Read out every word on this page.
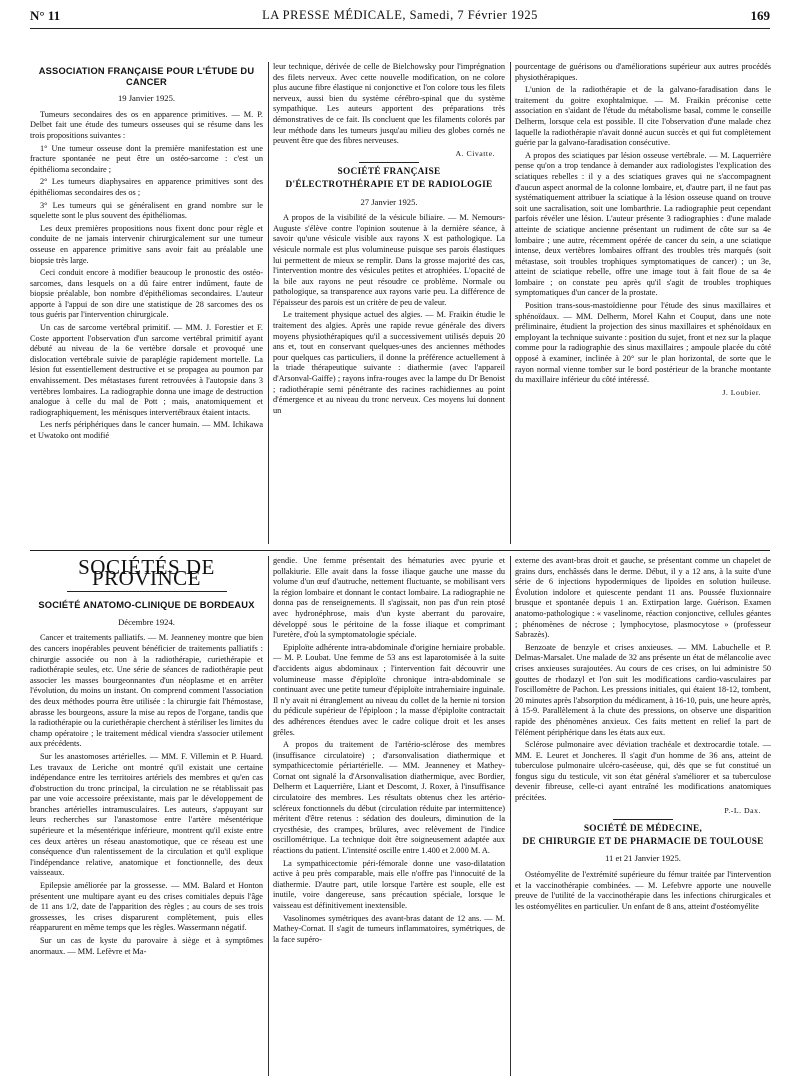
N° 11	LA PRESSE MÉDICALE, Samedi, 7 Février 1925	169
ASSOCIATION FRANÇAISE POUR L'ÉTUDE DU CANCER
19 Janvier 1925.

Tumeurs secondaires des os en apparence primitives. — M. P. Delbet fait une étude des tumeurs osseuses qui se résume dans les trois propositions suivantes :

1° Une tumeur osseuse dont la première manifestation est une fracture spontanée ne peut être un ostéo-sarcome : c'est un épithélioma secondaire ;

2° Les tumeurs diaphysaires en apparence primitives sont des épithéliomas secondaires des os ;

3° Les tumeurs qui se généralisent en grand nombre sur le squelette sont le plus souvent des épithéliomas.

Les deux premières propositions nous fixent donc pour règle et conduite de ne jamais intervenir chirurgicalement sur une tumeur osseuse en apparence primitive sans avoir fait au préalable une biopsie très large.

Ceci conduit encore à modifier beaucoup le pronostic des ostéo-sarcomes, dans lesquels on a dû faire entrer indûment, faute de biopsie préalable, bon nombre d'épithéliomas secondaires. L'auteur apporte à l'appui de son dire une statistique de 28 sarcomes des os tous guéris par l'intervention chirurgicale.

Un cas de sarcome vertébral primitif. — MM. J. Forestier et F. Coste apportent l'observation d'un sarcome vertébral primitif ayant débuté au niveau de la 6e vertèbre dorsale et provoqué une dislocation vertébrale suivie de paraplégie rapidement mortelle. La lésion fut essentiellement destructive et se propagea au poumon par envahissement. Des métastases furent retrouvées à l'autopsie dans 3 vertèbres lombaires. La radiographie donna une image de destruction analogue à celle du mal de Pott ; mais, anatomiquement et radiographiquement, les ménisques intervertébraux étaient intacts.

Les nerfs périphériques dans le cancer humain. — MM. Ichikawa et Uwatoko ont modifié

leur technique, dérivée de celle de Bielchowsky pour l'imprégnation des filets nerveux. Avec cette nouvelle modification, on ne colore plus aucune fibre élastique ni conjonctive et l'on colore tous les filets nerveux, aussi bien du système cérébro-spinal que du système sympathique. Les auteurs apportent des préparations très démonstratives de ce fait. Ils concluent que les filaments colorés par leur méthode dans les tumeurs jusqu'au milieu des globes cornés ne peuvent être que des fibres nerveuses.

A. Civatte.
SOCIÉTÉ FRANÇAISE
D'ÉLECTROTHÉRAPIE ET DE RADIOLOGIE
27 Janvier 1925.

A propos de la visibilité de la vésicule biliaire. — M. Nemours-Auguste s'élève contre l'opinion soutenue à la dernière séance, à savoir qu'une vésicule visible aux rayons X est pathologique. La vésicule normale est plus volumineuse puisque ses parois élastiques lui permettent de mieux se remplir. Dans la grosse majorité des cas, l'intervention montre des vésicules petites et atrophiées. L'opacité de la bile aux rayons ne peut résoudre ce problème. Normale ou pathologique, sa transparence aux rayons varie peu. La différence de l'épaisseur des parois est un critère de peu de valeur.

Le traitement physique actuel des algies. — M. Fraikin étudie le traitement des algies. Après une rapide revue générale des divers moyens physiothérapiques qu'il a successivement utilisés depuis 20 ans et, tout en conservant quelques-unes des anciennes méthodes pour quelques cas particuliers, il donne la préférence actuellement à la triade thérapeutique suivante : diathermie (avec l'appareil d'Arsonval-Gaiffe) ; rayons infra-rouges avec la lampe du Dr Benoist ; radiothérapie semi pénétrante des racines rachidiennes au point d'émergence et au niveau du tronc nerveux. Ces moyens lui donnent un

pourcentage de guérisons ou d'améliorations supérieur aux autres procédés physiothérapiques.

L'union de la radiothérapie et de la galvano-faradisation dans le traitement du goitre exophtalmique. — M. Fraikin préconise cette association en s'aidant de l'étude du métabolisme basal, comme le conseille Delherm, lorsque cela est possible. Il cite l'observation d'une malade chez laquelle la radiothérapie n'avait donné aucun succès et qui fut complètement guérie par la galvano-faradisation consécutive.

A propos des sciatiques par lésion osseuse vertébrale. — M. Laquerrière pense qu'on a trop tendance à demander aux radiologistes l'explication des sciatiques rebelles : il y a des sciatiques graves qui ne s'accompagnent d'aucun aspect anormal de la colonne lombaire, et, d'autre part, il ne faut pas systématiquement attribuer la sciatique à la lésion osseuse quand on trouve soit une sacralisation, soit une lombarthrie. La radiographie peut cependant parfois révéler une lésion. L'auteur présente 3 radiographies : d'une malade atteinte de sciatique ancienne présentant un rudiment de côte sur sa 4e lombaire ; une autre, récemment opérée de cancer du sein, a une sciatique intense, deux vertèbres lombaires offrant des troubles très marqués (soit métastase, soit troubles trophiques symptomatiques de cancer) ; un 3e, atteint de sciatique rebelle, offre une image tout à fait floue de sa 4e lombaire ; on constate peu après qu'il s'agit de troubles trophiques symptomatiques d'un cancer de la prostate.

Position trans-sous-mastoïdienne pour l'étude des sinus maxillaires et sphénoïdaux. — MM. Delherm, Morel Kahn et Couput, dans une note préliminaire, étudient la projection des sinus maxillaires et sphénoïdaux en employant la technique suivante : position du sujet, front et nez sur la plaque comme pour la radiographie des sinus maxillaires ; ampoule placée du côté opposé à examiner, inclinée à 20° sur le plan horizontal, de sorte que le rayon normal vienne tomber sur le bord postérieur de la branche montante du maxillaire inférieur du côté intéressé.

J. Loubier.
SOCIÉTÉS DE PROVINCE
SOCIÉTÉ ANATOMO-CLINIQUE DE BORDEAUX
Décembre 1924.

Cancer et traitements palliatifs. — M. Jeanneney montre que bien des cancers inopérables peuvent bénéficier de traitements palliatifs : chirurgie associée ou non à la radiothérapie, curiethérapie et radiothérapie seules, etc. Une série de séances de radiothérapie peut associer les masses bourgeonnantes d'un néoplasme et en arrêter l'évolution, du moins un instant. On comprend comment l'association des deux méthodes pourra être utilisée : la chirurgie fait l'hémostase, abrasse les bourgeons, assure la mise au repos de l'organe, tandis que la radiothérapie ou la curiethérapie cherchent à stériliser les limites du champ opératoire ; le traitement médical viendra s'associer utilement aux précédents.

Sur les anastomoses artérielles. — MM. F. Villemin et P. Huard. Les travaux de Leriche ont montré qu'il existait une certaine indépendance entre les territoires artériels des membres et qu'en cas d'obstruction du tronc principal, la circulation ne se rétablissait pas par une voie accessoire préexistante, mais par le développement de branches artérielles intramusculaires. Les auteurs, s'appuyant sur leurs recherches sur l'anastomose entre l'artère mésentérique supérieure et la mésentérique inférieure, montrent qu'il existe entre ces deux artères un réseau anastomotique, que ce réseau est une conséquence d'un ralentissement de la circulation et qu'il explique l'indépendance relative, anatomique et fonctionnelle, des deux vaisseaux.

Epilepsie améliorée par la grossesse. — MM. Balard et Honton présentent une multipare ayant eu des crises comitiales depuis l'âge de 11 ans 1/2, date de l'apparition des règles ; au cours de ses trois grossesses, les crises disparurent complètement, puis elles réapparurent en même temps que les règles. Wassermann négatif.

Sur un cas de kyste du parovaire à siège et à symptômes anormaux. — MM. Lefèvre et Ma-

gendie. Une femme présentait des hématuries avec pyurie et pollakiurie. Elle avait dans la fosse iliaque gauche une masse du volume d'un œuf d'autruche, nettement fluctuante, se mobilisant vers la région lombaire et donnant le contact lombaire. La radiographie ne donna pas de renseignements. Il s'agissait, non pas d'un rein ptosé avec hydronéphrose, mais d'un kyste aberrant du parovaire, développé sous le péritoine de la fosse iliaque et comprimant l'uretère, d'où la symptomatologie spéciale.

Epiploïte adhérente intra-abdominale d'origine herniaire probable. — M. P. Loubat. Une femme de 53 ans est laparotomisée à la suite d'accidents aigus abdominaux ; l'intervention fait découvrir une volumineuse masse d'épiploïte chronique intra-abdominale se continuant avec une petite tumeur d'épiploïte intraherniaire inguinale. Il n'y avait ni étranglement au niveau du collet de la hernie ni torsion du pédicule supérieur de l'épiploon ; la masse d'épiploïte contractait des adhérences étendues avec le cadre colique droit et les anses grêles.

A propos du traitement de l'artério-sclérose des membres (insuffisance circulatoire) ; d'arsonvalisation diathermique et sympathicectomie périartérielle. — MM. Jeanneney et Mathey-Cornat ont signalé la d'Arsonvalisation diathermique, avec Bordier, Delherm et Laquerrière, Liant et Descomt, J. Roxer, à l'insuffisance circulatoire des membres. Les résultats obtenus chez les artério-scléreux fonctionnels du début (circulation réduite par intermittence) méritent d'être retenus : sédation des douleurs, diminution de la crycsthésie, des crampes, brûlures, avec relèvement de l'indice oscillométrique. La technique doit être soigneusement adaptée aux réactions du patient. L'intensité oscille entre 1.400 et 2.000 M. A.

La sympathicectomie péri-fémorale donne une vaso-dilatation active à peu près comparable, mais elle n'offre pas l'innocuité de la diathermie. D'autre part, utile lorsque l'artère est souple, elle est inutile, voire dangereuse, sans précaution spéciale, lorsque le vaisseau est définitivement inextensible.

Vasolinomes symétriques des avant-bras datant de 12 ans. — M. Mathey-Cornat. Il s'agit de tumeurs inflammatoires, symétriques, de la face supéro-

externe des avant-bras droit et gauche, se présentant comme un chapelet de grains durs, enchâssés dans le derme. Début, il y a 12 ans, à la suite d'une série de 6 injections hypodermiques de lipoïdes en solution huileuse. Évolution indolore et quiescente pendant 11 ans. Poussée fluxionnaire brusque et spontanée depuis 1 an. Extirpation large. Guérison. Examen anatomo-pathologique : « vaselinome, réaction conjonctive, cellules géantes ; phénomènes de nécrose ; lymphocytose, plasmocytose » (professeur Sabrazès).

Benzoate de benzyle et crises anxieuses. — MM. Labuchelle et P. Delmas-Marsalet. Une malade de 32 ans présente un état de mélancolie avec crises anxieuses surajoutées. Au cours de ces crises, on lui administre 50 gouttes de rhodazyl et l'on suit les modifications cardio-vasculaires par l'oscillomètre de Pachon. Les pressions initiales, qui étaient 18-12, tombent, 20 minutes après l'absorption du médicament, à 16-10, puis, une heure après, à 15-9. Parallèlement à la chute des pressions, on observe une disparition rapide des phénomènes anxieux. Ces faits mettent en relief la part de l'élément périphérique dans les états aux eux.

Sclérose pulmonaire avec déviation trachéale et dextrocardie totale. — MM. E. Leuret et Joncheres. Il s'agit d'un homme de 36 ans, atteint de tuberculose pulmonaire ulcéro-caséeuse, qui, dès que se fut constitué un fongus sigu du testicule, vit son état général s'améliorer et sa tuberculose devenir fibreuse, celle-ci ayant entraîné les modifications anatomiques précitées.

P.-L. Dax.
SOCIÉTÉ DE MÉDECINE,
DE CHIRURGIE ET DE PHARMACIE DE TOULOUSE
11 et 21 Janvier 1925.

Ostéomyélite de l'extrémité supérieure du fémur traitée par l'intervention et la vaccinothérapie combinées. — M. Lefebvre apporte une nouvelle preuve de l'utilité de la vaccinothérapie dans les infections chirurgicales et les ostéomyélites en particulier. Un enfant de 8 ans, atteint d'ostéomyélite
